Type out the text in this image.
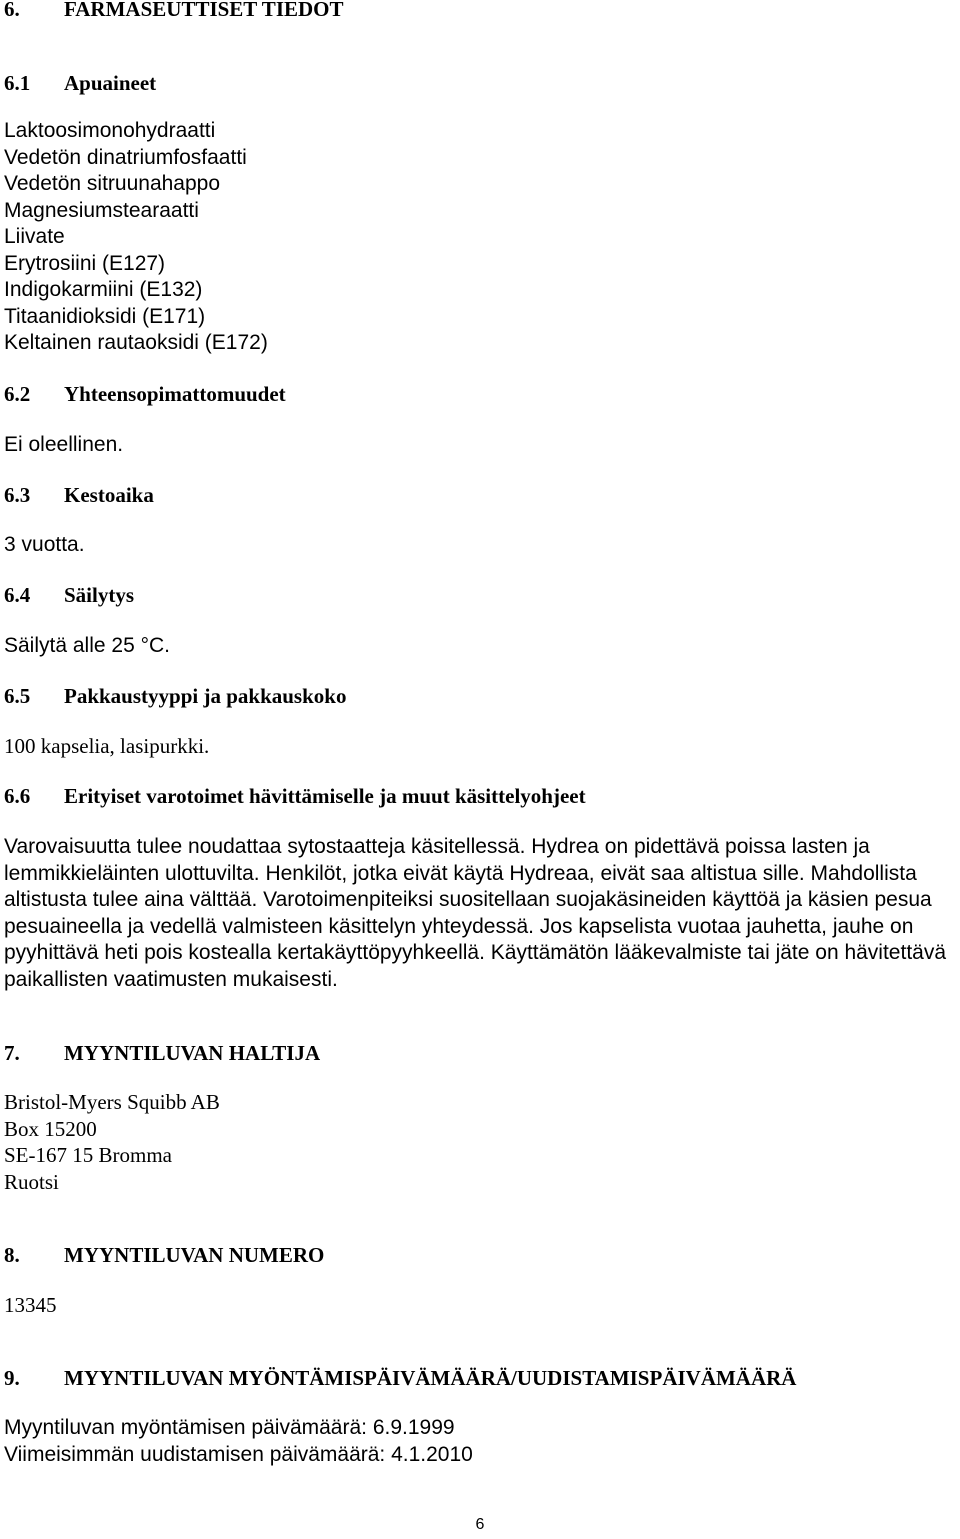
6. FARMASEUTTISET TIEDOT
6.1 Apuaineet
Laktoosimonohydraatti
Vedetön dinatriumfosfaatti
Vedetön sitruunahappo
Magnesiumstearaatti
Liivate
Erytrosiini (E127)
Indigokarmiini (E132)
Titaanidioksidi (E171)
Keltainen rautaoksidi (E172)
6.2 Yhteensopimattomuudet
Ei oleellinen.
6.3 Kestoaika
3 vuotta.
6.4 Säilytys
Säilytä alle 25 °C.
6.5 Pakkaustyyppi ja pakkauskoko
100 kapselia, lasipurkki.
6.6 Erityiset varotoimet hävittämiselle ja muut käsittelyohjeet
Varovaisuutta tulee noudattaa sytostaatteja käsitellessä. Hydrea on pidettävä poissa lasten ja
lemmikkieläinten ulottuvilta. Henkilöt, jotka eivät käytä Hydreaa, eivät saa altistua sille. Mahdollista
altistusta tulee aina välttää. Varotoimenpiteiksi suositellaan suojakäsineiden käyttöä ja käsien pesua
pesuaineella ja vedellä valmisteen käsittelyn yhteydessä. Jos kapselista vuotaa jauhetta, jauhe on
pyyhittävä heti pois kostealla kertakäyttöpyyhkeellä. Käyttämätön lääkevalmiste tai jäte on hävitettävä
paikallisten vaatimusten mukaisesti.
7. MYYNTILUVAN HALTIJA
Bristol-Myers Squibb AB
Box 15200
SE-167 15 Bromma
Ruotsi
8. MYYNTILUVAN NUMERO
13345
9. MYYNTILUVAN MYÖNTÄMISPÄIVÄMÄÄRÄ/UUDISTAMISPÄIVÄMÄÄRÄ
Myyntiluvan myöntämisen päivämäärä: 6.9.1999
Viimeisimmän uudistamisen päivämäärä: 4.1.2010
6
